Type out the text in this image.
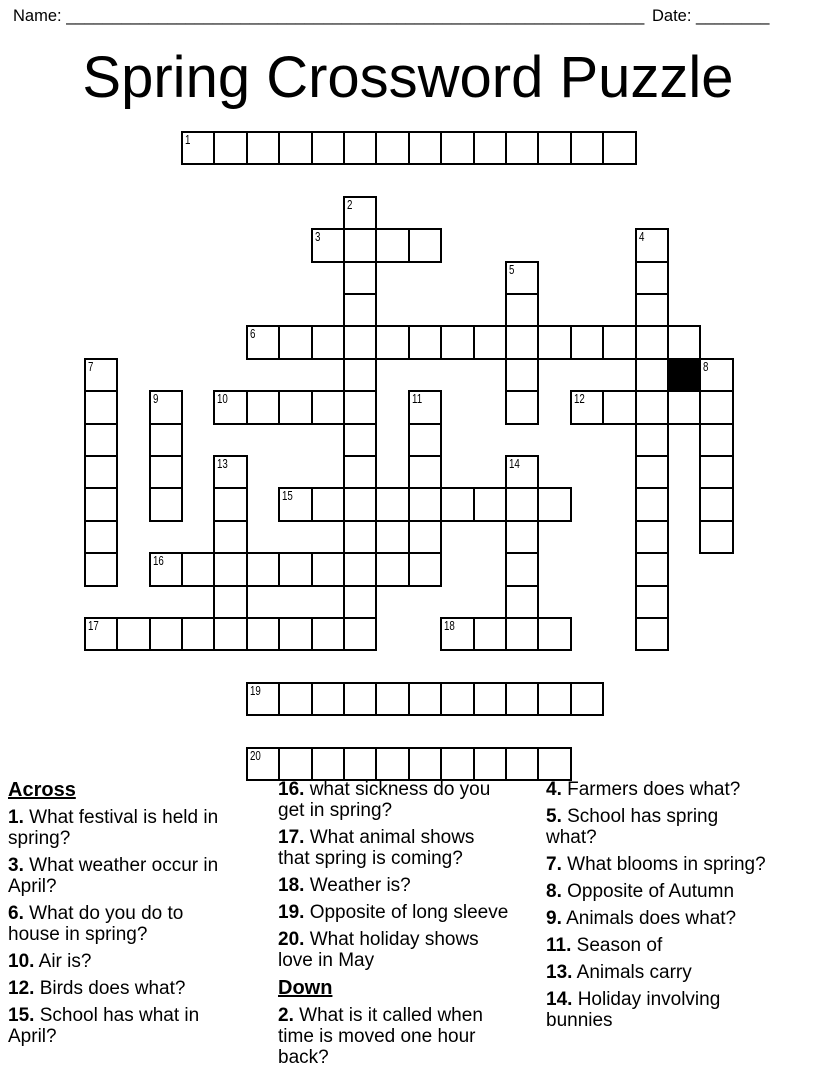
Name: _______________________________________________________________ Date: ________
Spring Crossword Puzzle
1
2
3	4
5
6
7	8
9	10	11	12
13	14
15
16
17	18
19
20
Across

1. What festival is held in
spring?

3. What weather occur in
April?

6. What do you do to
house in spring?

10. Air is?

12. Birds does what?

15. School has what in
April?

16. what sickness do you
get in spring?

17. What animal shows
that spring is coming?

18. Weather is?

19. Opposite of long sleeve

20. What holiday shows
love in May

Down

2. What is it called when
time is moved one hour
back?

4. Farmers does what?

5. School has spring
what?

7. What blooms in spring?

8. Opposite of Autumn

9. Animals does what?

11. Season of

13. Animals carry

14. Holiday involving
bunnies
